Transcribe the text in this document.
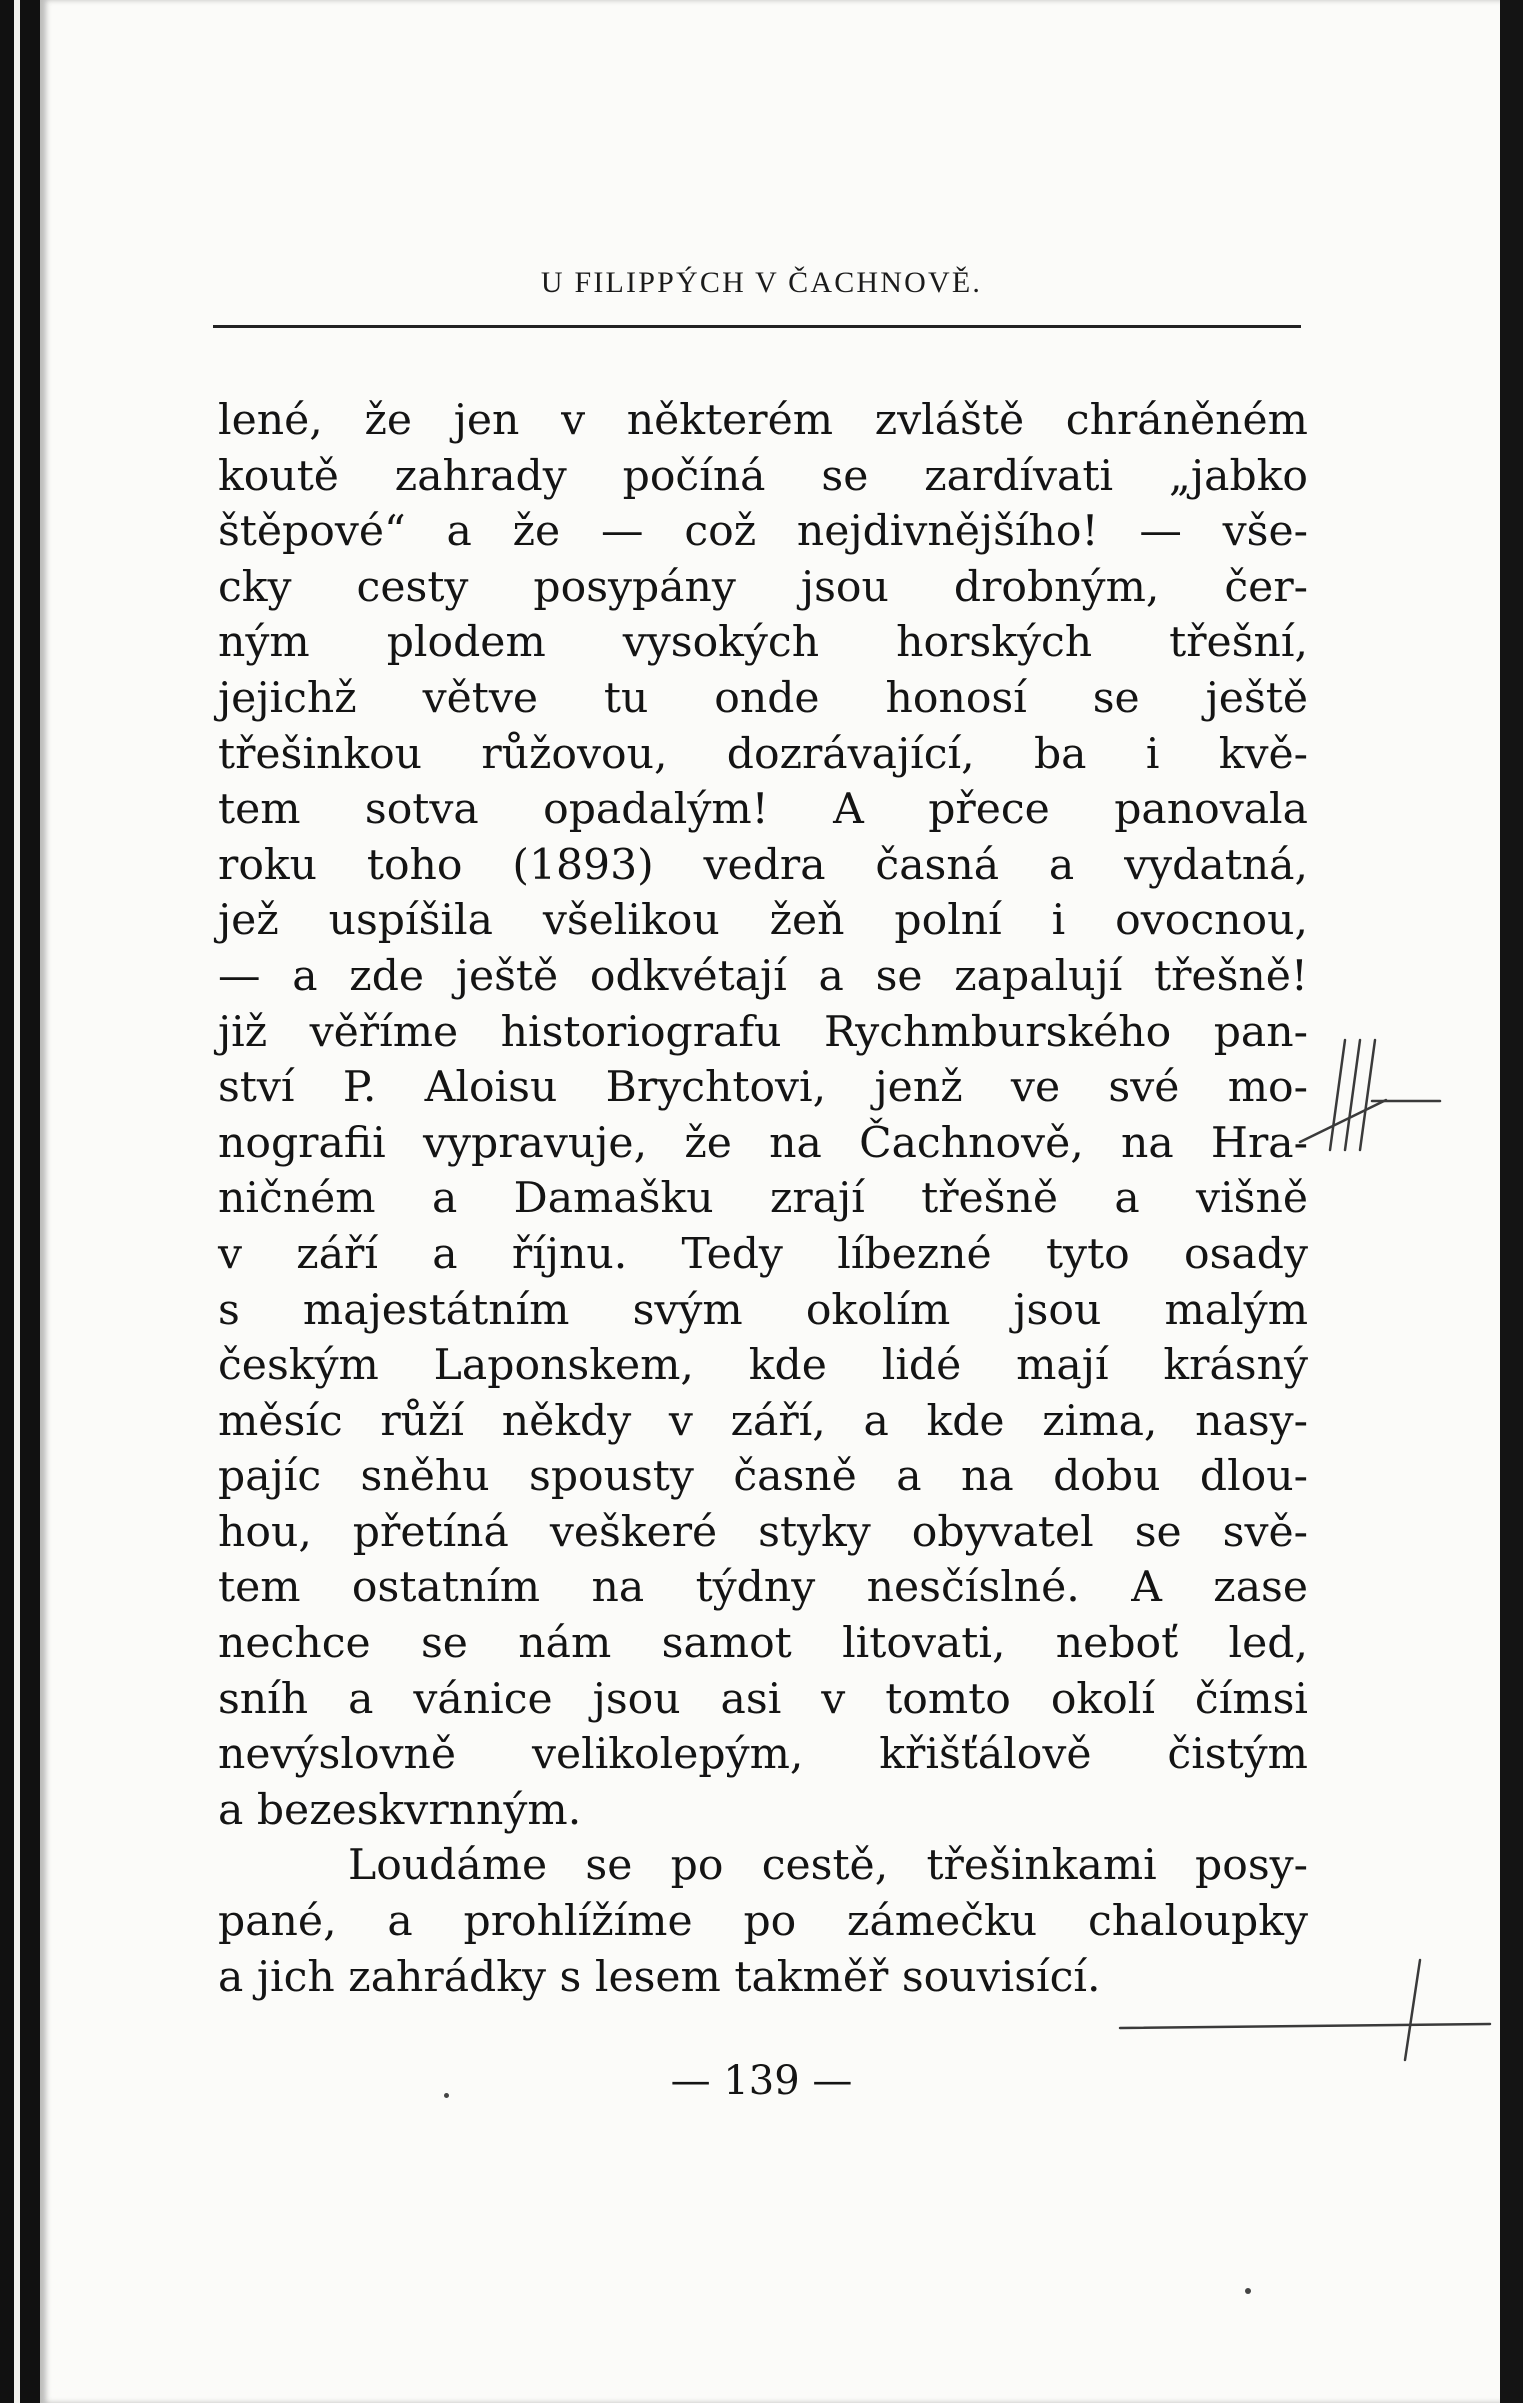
U FILIPPÝCH V ČACHNOVĚ.
lené, že jen v některém zvláště chráněném
koutě zahrady počíná se zardívati „jabko
štěpové“ a že — což nejdivnějšího! — vše-
cky cesty posypány jsou drobným, čer-
ným plodem vysokých horských třešní,
jejichž větve tu onde honosí se ještě
třešinkou růžovou, dozrávající, ba i kvě-
tem sotva opadalým! A přece panovala
roku toho (1893) vedra časná a vydatná,
jež uspíšila všelikou žeň polní i ovocnou,
— a zde ještě odkvétají a se zapalují třešně!
již věříme historiografu Rychmburského pan-
ství P. Aloisu Brychtovi, jenž ve své mo-
nografii vypravuje, že na Čachnově, na Hra-
ničném a Damašku zrají třešně a višně
v září a říjnu. Tedy líbezné tyto osady
s majestátním svým okolím jsou malým
českým Laponskem, kde lidé mají krásný
měsíc růží někdy v září, a kde zima, nasy-
pajíc sněhu spousty časně a na dobu dlou-
hou, přetíná veškeré styky obyvatel se svě-
tem ostatním na týdny nesčíslné. A zase
nechce se nám samot litovati, neboť led,
sníh a vánice jsou asi v tomto okolí čímsi
nevýslovně velikolepým, křišťálově čistým
a bezeskvrnným.
Loudáme se po cestě, třešinkami posy-
pané, a prohlížíme po zámečku chaloupky
a jich zahrádky s lesem takměř souvisící.
— 139 —
